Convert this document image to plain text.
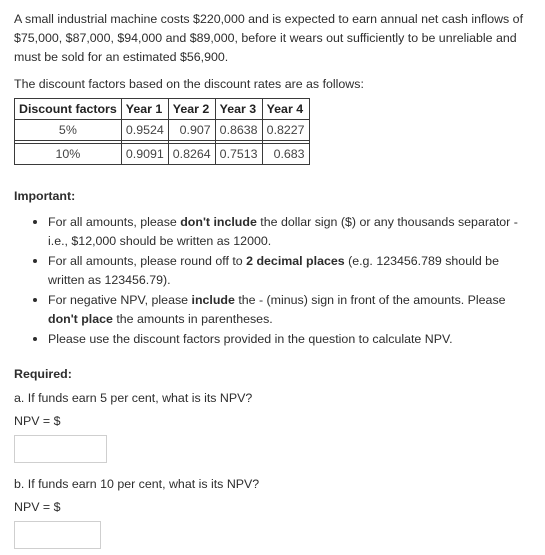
A small industrial machine costs $220,000 and is expected to earn annual net cash inflows of $75,000, $87,000, $94,000 and $89,000, before it wears out sufficiently to be unreliable and must be sold for an estimated $56,900.

The discount factors based on the discount rates are as follows:

Discount factors	Year 1	Year 2	Year 3	Year 4
5%	0.9524	0.907	0.8638	0.8227

10%	0.9091	0.8264	0.7513	0.683

Important:

• For all amounts, please don't include the dollar sign ($) or any thousands separator -i.e., $12,000 should be written as 12000.
• For all amounts, please round off to 2 decimal places (e.g. 123456.789 should be written as 123456.79).
• For negative NPV, please include the - (minus) sign in front of the amounts. Please don't place the amounts in parentheses.
• Please use the discount factors provided in the question to calculate NPV.

Required:

a. If funds earn 5 per cent, what is its NPV?

NPV = $

b. If funds earn 10 per cent, what is its NPV?

NPV = $
